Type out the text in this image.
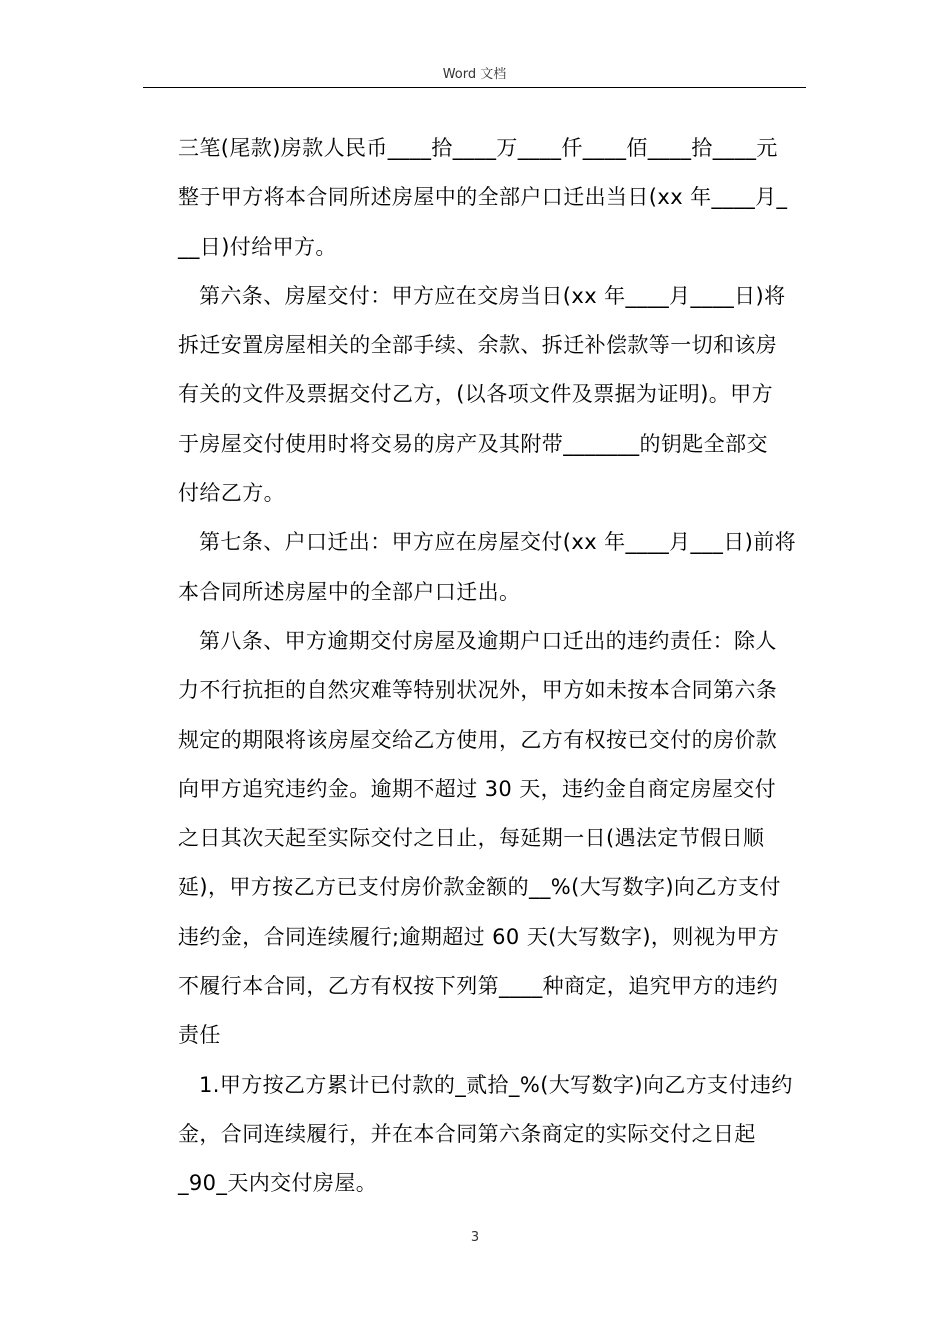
Word 文档
三笔(尾款)房款人民币____拾____万____仟____佰____拾____元
整于甲方将本合同所述房屋中的全部户口迁出当日(xx 年____月_
__日)付给甲方。
第六条、房屋交付：甲方应在交房当日(xx 年____月____日)将
拆迁安置房屋相关的全部手续、余款、拆迁补偿款等一切和该房
有关的文件及票据交付乙方，(以各项文件及票据为证明)。甲方
于房屋交付使用时将交易的房产及其附带_______的钥匙全部交
付给乙方。
第七条、户口迁出：甲方应在房屋交付(xx 年____月___日)前将
本合同所述房屋中的全部户口迁出。
第八条、甲方逾期交付房屋及逾期户口迁出的违约责任：除人
力不行抗拒的自然灾难等特别状况外，甲方如未按本合同第六条
规定的期限将该房屋交给乙方使用，乙方有权按已交付的房价款
向甲方追究违约金。逾期不超过 30 天，违约金自商定房屋交付
之日其次天起至实际交付之日止，每延期一日(遇法定节假日顺
延)，甲方按乙方已支付房价款金额的__%(大写数字)向乙方支付
违约金，合同连续履行;逾期超过 60 天(大写数字)，则视为甲方
不履行本合同，乙方有权按下列第____种商定，追究甲方的违约
责任
1.甲方按乙方累计已付款的_贰拾_%(大写数字)向乙方支付违约
金，合同连续履行，并在本合同第六条商定的实际交付之日起
_90_天内交付房屋。
3
